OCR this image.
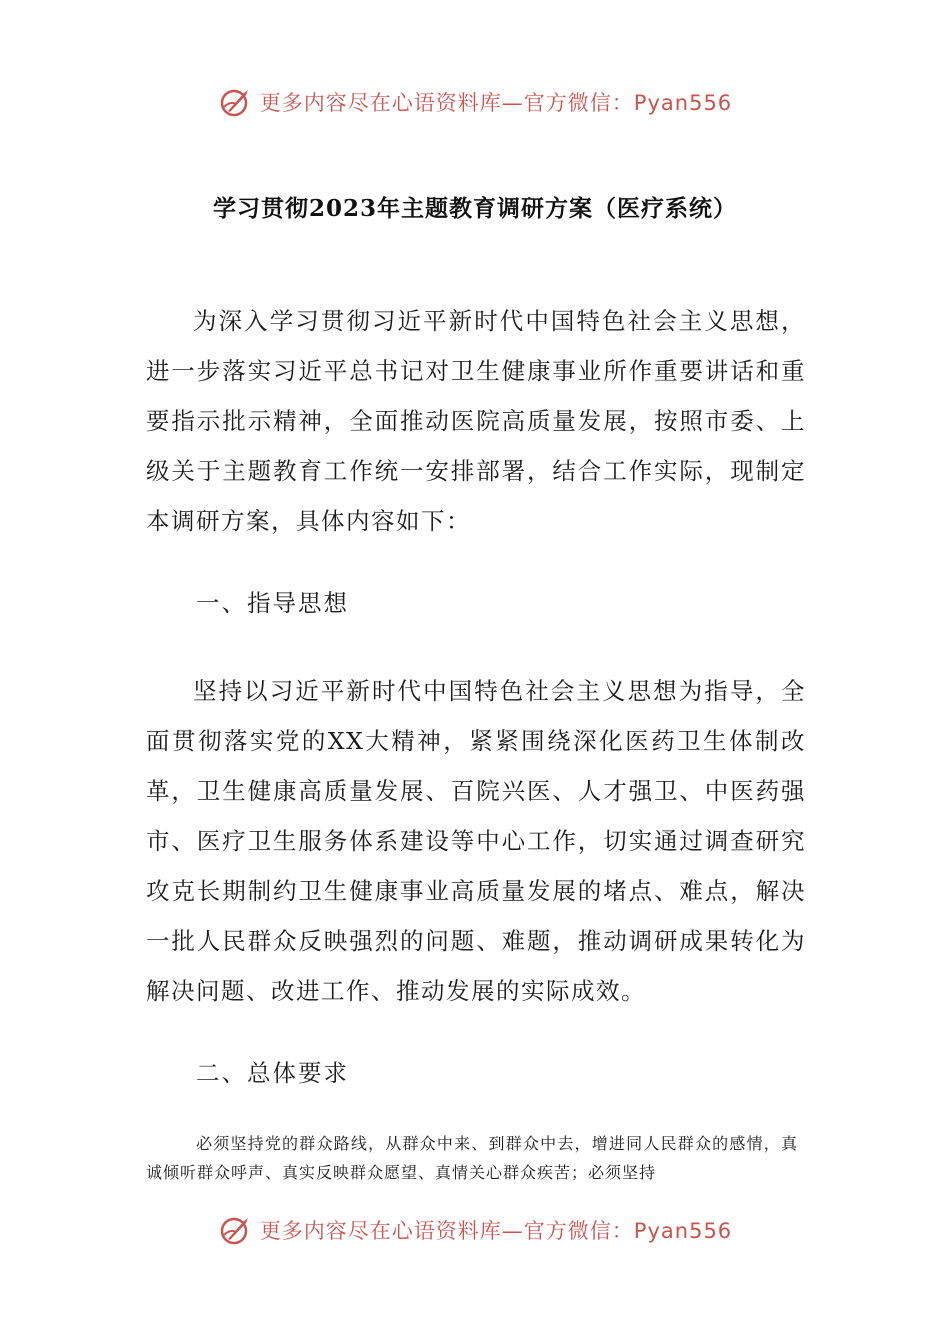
更多内容尽在心语资料库—官方微信：Pyan556
学习贯彻2023年主题教育调研方案（医疗系统）
为深入学习贯彻习近平新时代中国特色社会主义思想，进一步落实习近平总书记对卫生健康事业所作重要讲话和重要指示批示精神，全面推动医院高质量发展，按照市委、上级关于主题教育工作统一安排部署，结合工作实际，现制定本调研方案，具体内容如下：
一、指导思想
坚持以习近平新时代中国特色社会主义思想为指导，全面贯彻落实党的XX大精神，紧紧围绕深化医药卫生体制改革，卫生健康高质量发展、百院兴医、人才强卫、中医药强市、医疗卫生服务体系建设等中心工作，切实通过调查研究攻克长期制约卫生健康事业高质量发展的堵点、难点，解决一批人民群众反映强烈的问题、难题，推动调研成果转化为解决问题、改进工作、推动发展的实际成效。
二、总体要求
必须坚持党的群众路线，从群众中来、到群众中去，增进同人民群众的感情，真诚倾听群众呼声、真实反映群众愿望、真情关心群众疾苦；必须坚持
更多内容尽在心语资料库—官方微信：Pyan556
